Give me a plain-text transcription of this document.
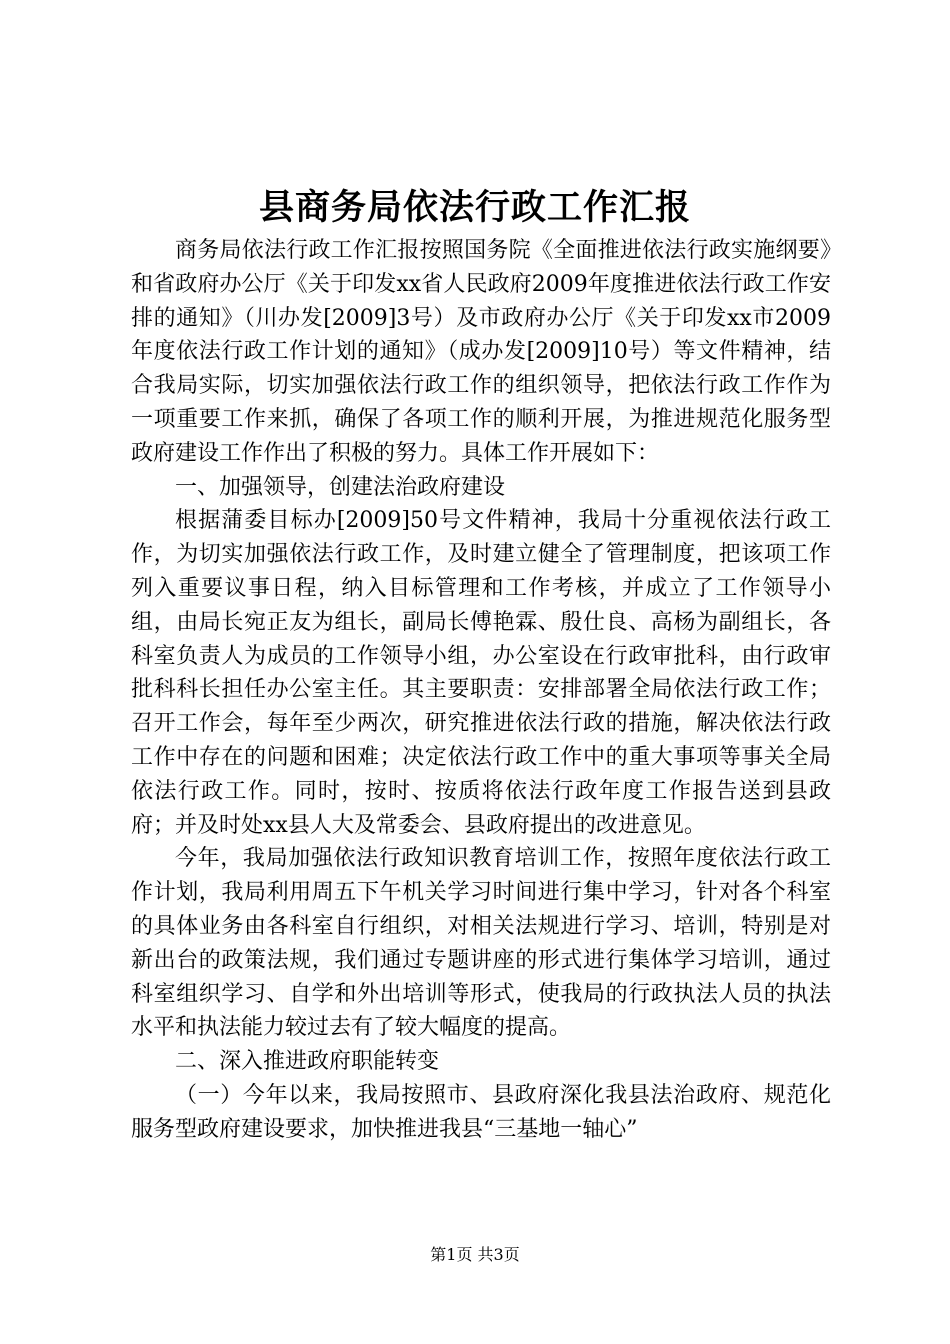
县商务局依法行政工作汇报

商务局依法行政工作汇报按照国务院《全面推进依法行政实施纲要》和省政府办公厅《关于印发xx省人民政府2009年度推进依法行政工作安排的通知》（川办发[2009]3号）及市政府办公厅《关于印发xx市2009年度依法行政工作计划的通知》（成办发[2009]10号）等文件精神，结合我局实际，切实加强依法行政工作的组织领导，把依法行政工作作为一项重要工作来抓，确保了各项工作的顺利开展，为推进规范化服务型政府建设工作作出了积极的努力。具体工作开展如下：

一、加强领导，创建法治政府建设

根据蒲委目标办[2009]50号文件精神，我局十分重视依法行政工作，为切实加强依法行政工作，及时建立健全了管理制度，把该项工作列入重要议事日程，纳入目标管理和工作考核，并成立了工作领导小组，由局长宛正友为组长，副局长傅艳霖、殷仕良、高杨为副组长，各科室负责人为成员的工作领导小组，办公室设在行政审批科，由行政审批科科长担任办公室主任。其主要职责：安排部署全局依法行政工作；召开工作会，每年至少两次，研究推进依法行政的措施，解决依法行政工作中存在的问题和困难；决定依法行政工作中的重大事项等事关全局依法行政工作。同时，按时、按质将依法行政年度工作报告送到县政府；并及时处xx县人大及常委会、县政府提出的改进意见。

今年，我局加强依法行政知识教育培训工作，按照年度依法行政工作计划，我局利用周五下午机关学习时间进行集中学习，针对各个科室的具体业务由各科室自行组织，对相关法规进行学习、培训，特别是对新出台的政策法规，我们通过专题讲座的形式进行集体学习培训，通过科室组织学习、自学和外出培训等形式，使我局的行政执法人员的执法水平和执法能力较过去有了较大幅度的提高。

二、深入推进政府职能转变

（一）今年以来，我局按照市、县政府深化我县法治政府、规范化服务型政府建设要求，加快推进我县“三基地一轴心”

第1页 共3页
